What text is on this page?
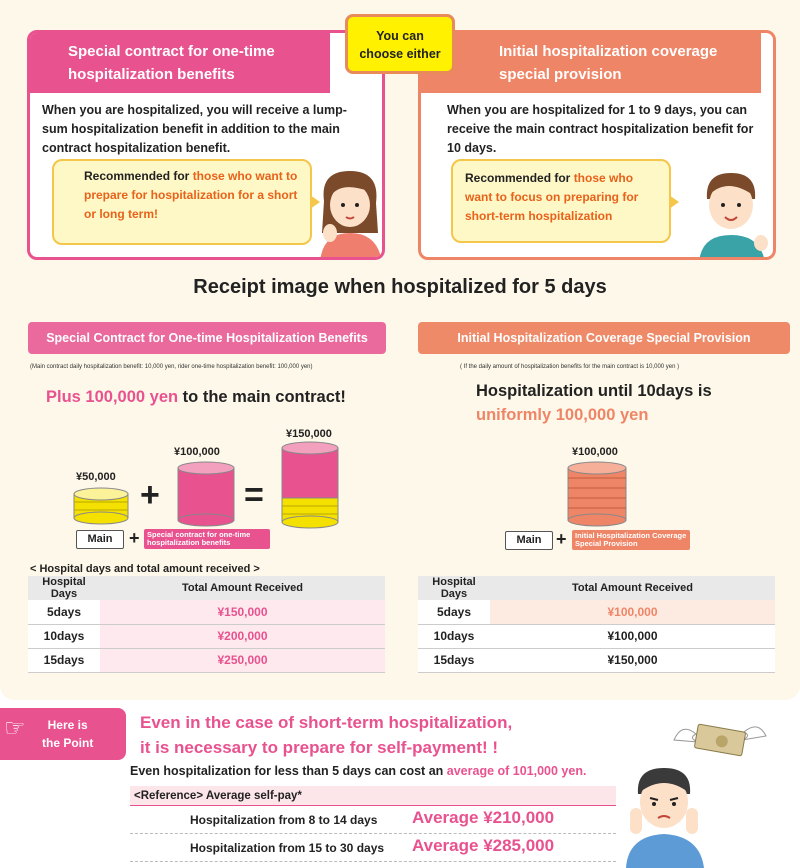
Special contract for one-time hospitalization benefits
When you are hospitalized, you will receive a lump-sum hospitalization benefit in addition to the main contract hospitalization benefit.
Recommended for those who want to prepare for hospitalization for a short or long term!
Initial hospitalization coverage special provision
When you are hospitalized for 1 to 9 days, you can receive the main contract hospitalization benefit for 10 days.
Recommended for those who want to focus on preparing for short-term hospitalization
You can
choose either
Receipt image when hospitalized for 5 days
Special Contract for One-time Hospitalization Benefits
(Main contract daily hospitalization benefit: 10,000 yen, rider one-time hospitalization benefit: 100,000 yen)
Plus 100,000 yen to the main contract!
¥50,000 +
¥100,000
=
¥150,000
Main + Special contract for one-time hospitalization benefits
< Hospital days and total amount received >
Hospital Days	Total Amount Received
5days	¥150,000
10days	¥200,000
15days	¥250,000
Initial Hospitalization Coverage Special Provision
( If the daily amount of hospitalization benefits for the main contract is 10,000 yen )
Hospitalization until 10days is
uniformly 100,000 yen
¥100,000
Main +	Initial Hospitalization Coverage Special Provision
Hospital Days	Total Amount Received
5days	¥100,000
10days	¥100,000
15days	¥150,000
☞	Here is
the Point
Even in the case of short-term hospitalization,
it is necessary to prepare for self-payment! !
Even hospitalization for less than 5 days can cost an average of 101,000 yen.
<Reference> Average self-pay*
Hospitalization from 8 to 14 days Average ¥210,000
Hospitalization from 15 to 30 days Average ¥285,000
